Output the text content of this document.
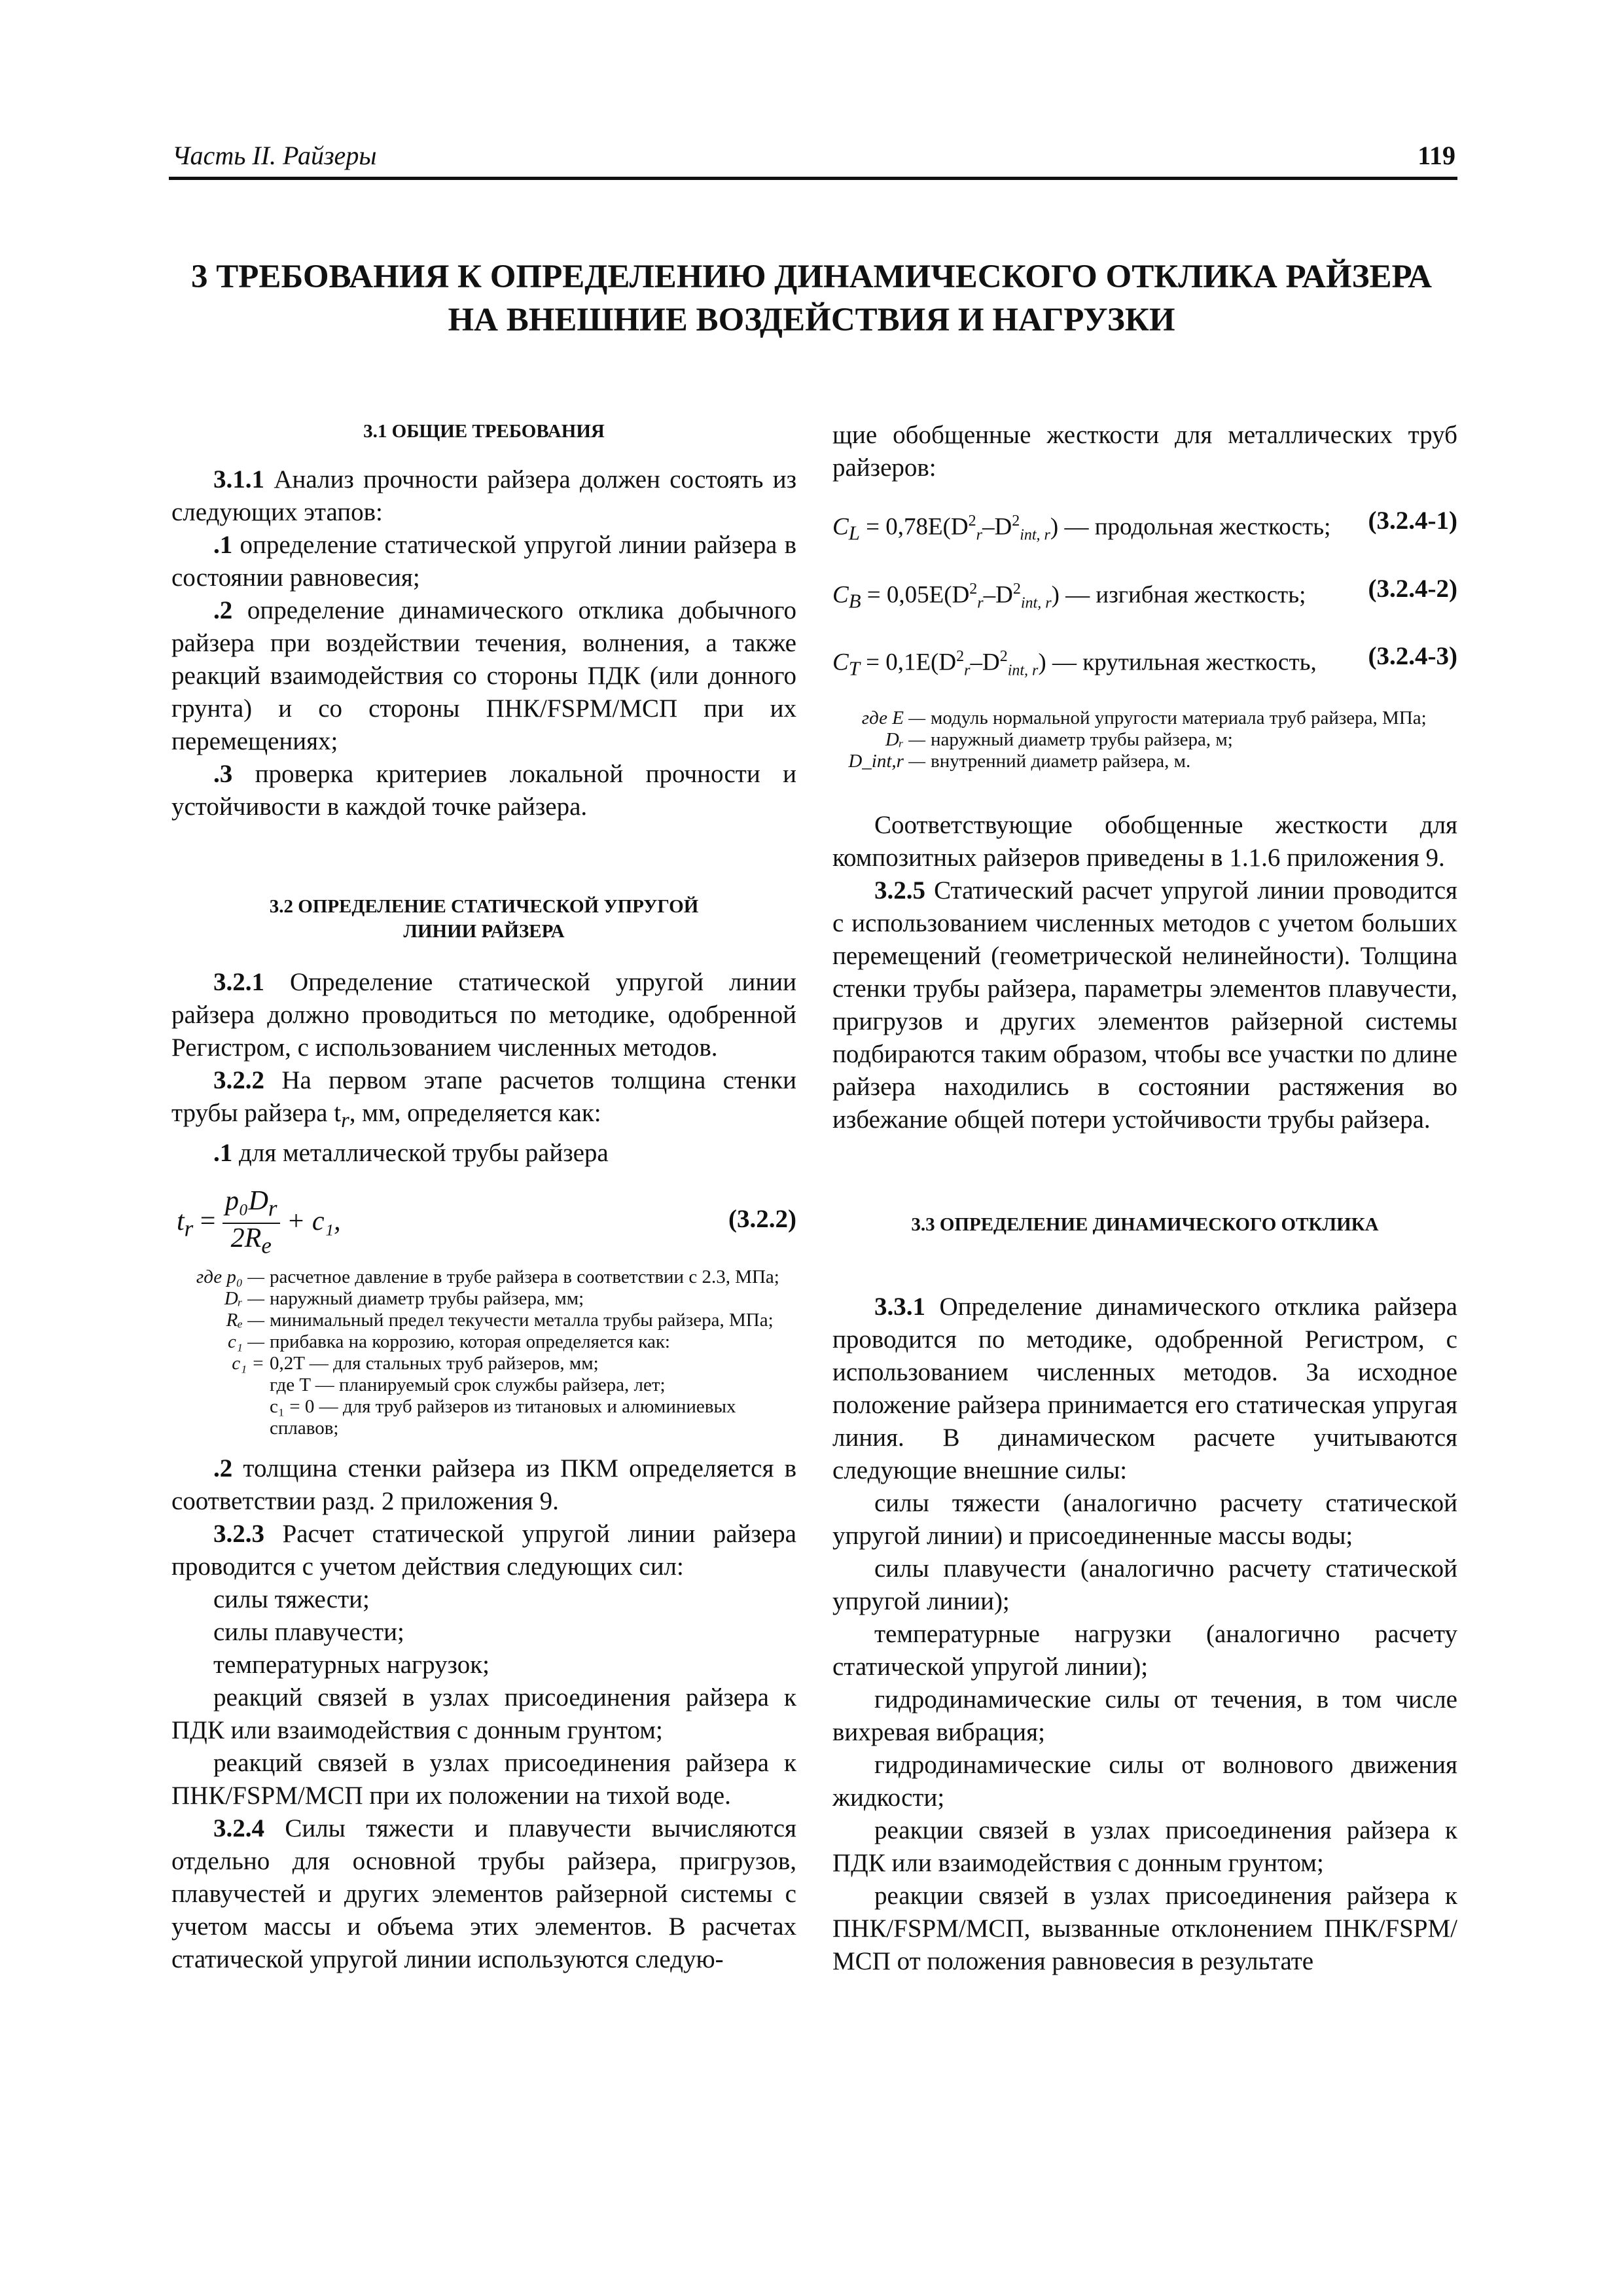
Часть II. Райзеры	119
3 ТРЕБОВАНИЯ К ОПРЕДЕЛЕНИЮ ДИНАМИЧЕСКОГО ОТКЛИКА РАЙЗЕРА
НА ВНЕШНИЕ ВОЗДЕЙСТВИЯ И НАГРУЗКИ
3.1 ОБЩИЕ ТРЕБОВАНИЯ

3.1.1 Анализ прочности райзера должен состоять из следующих этапов:

.1 определение статической упругой линии райзера в состоянии равновесия;

.2 определение динамического отклика добычного райзера при воздействии течения, волнения, а также реакций взаимодействия со стороны ПДК (или донного грунта) и со стороны ПНК/FSPM/МСП при их перемещениях;

.3 проверка критериев локальной прочности и устойчивости в каждой точке райзера.

3.2 ОПРЕДЕЛЕНИЕ СТАТИЧЕСКОЙ УПРУГОЙ
ЛИНИИ РАЙЗЕРА

3.2.1 Определение статической упругой линии райзера должно проводиться по методике, одобренной Регистром, с использованием численных методов.

3.2.2 На первом этапе расчетов толщина стенки трубы райзера $t_r$, мм, определяется как:

.1 для металлической трубы райзера

$t_r = \frac{p_0D_r}{2R_e} + c_1$,	(3.2.2)
где p₀ — расчетное давление в трубе райзера в соответствии с 2.3, МПа;
Dᵣ — наружный диаметр трубы райзера, мм;
Rₑ — минимальный предел текучести металла трубы райзера, МПа;
c₁ — прибавка на коррозию, которая определяется как:
c₁ = 0,2T — для стальных труб райзеров, мм;
где T — планируемый срок службы райзера, лет;
c₁ = 0 — для труб райзеров из титановых и алюминиевых сплавов;

.2 толщина стенки райзера из ПКМ определяется в соответствии разд. 2 приложения 9.

3.2.3 Расчет статической упругой линии райзера проводится с учетом действия следующих сил:

силы тяжести;

силы плавучести;

температурных нагрузок;

реакций связей в узлах присоединения райзера к ПДК или взаимодействия с донным грунтом;

реакций связей в узлах присоединения райзера к ПНК/FSPM/МСП при их положении на тихой воде.

3.2.4 Силы тяжести и плавучести вычисляются отдельно для основной трубы райзера, пригрузов, плавучестей и других элементов райзерной системы с учетом массы и объема этих элементов. В расчетах статической упругой линии используются следую-

щие обобщенные жесткости для металлических труб райзеров:

$C_L = 0,78E(D^2_r-D^2_{int, r})$ — продольная жесткость; (3.2.4-1)
$C_B = 0,05E(D^2_r-D^2_{int, r})$ — изгибная жесткость; (3.2.4-2)
$C_T = 0,1E(D^2_r-D^2_{int, r})$ — крутильная жесткость, (3.2.4-3)
где E — модуль нормальной упругости материала труб райзера, МПа;
Dᵣ — наружный диаметр трубы райзера, м;
D_int,r — внутренний диаметр райзера, м.

Соответствующие обобщенные жесткости для композитных райзеров приведены в 1.1.6 приложения 9.

3.2.5 Статический расчет упругой линии проводится с использованием численных методов с учетом больших перемещений (геометрической нелинейности). Толщина стенки трубы райзера, параметры элементов плавучести, пригрузов и других элементов райзерной системы подбираются таким образом, чтобы все участки по длине райзера находились в состоянии растяжения во избежание общей потери устойчивости трубы райзера.

3.3 ОПРЕДЕЛЕНИЕ ДИНАМИЧЕСКОГО ОТКЛИКА

3.3.1 Определение динамического отклика райзера проводится по методике, одобренной Регистром, с использованием численных методов. За исходное положение райзера принимается его статическая упругая линия. В динамическом расчете учитываются следующие внешние силы:

силы тяжести (аналогично расчету статической упругой линии) и присоединенные массы воды;

силы плавучести (аналогично расчету статической упругой линии);

температурные нагрузки (аналогично расчету статической упругой линии);

гидродинамические силы от течения, в том числе вихревая вибрация;

гидродинамические силы от волнового движения жидкости;

реакции связей в узлах присоединения райзера к ПДК или взаимодействия с донным грунтом;

реакции связей в узлах присоединения райзера к ПНК/FSPM/МСП, вызванные отклонением ПНК/FSPM/МСП от положения равновесия в результате
